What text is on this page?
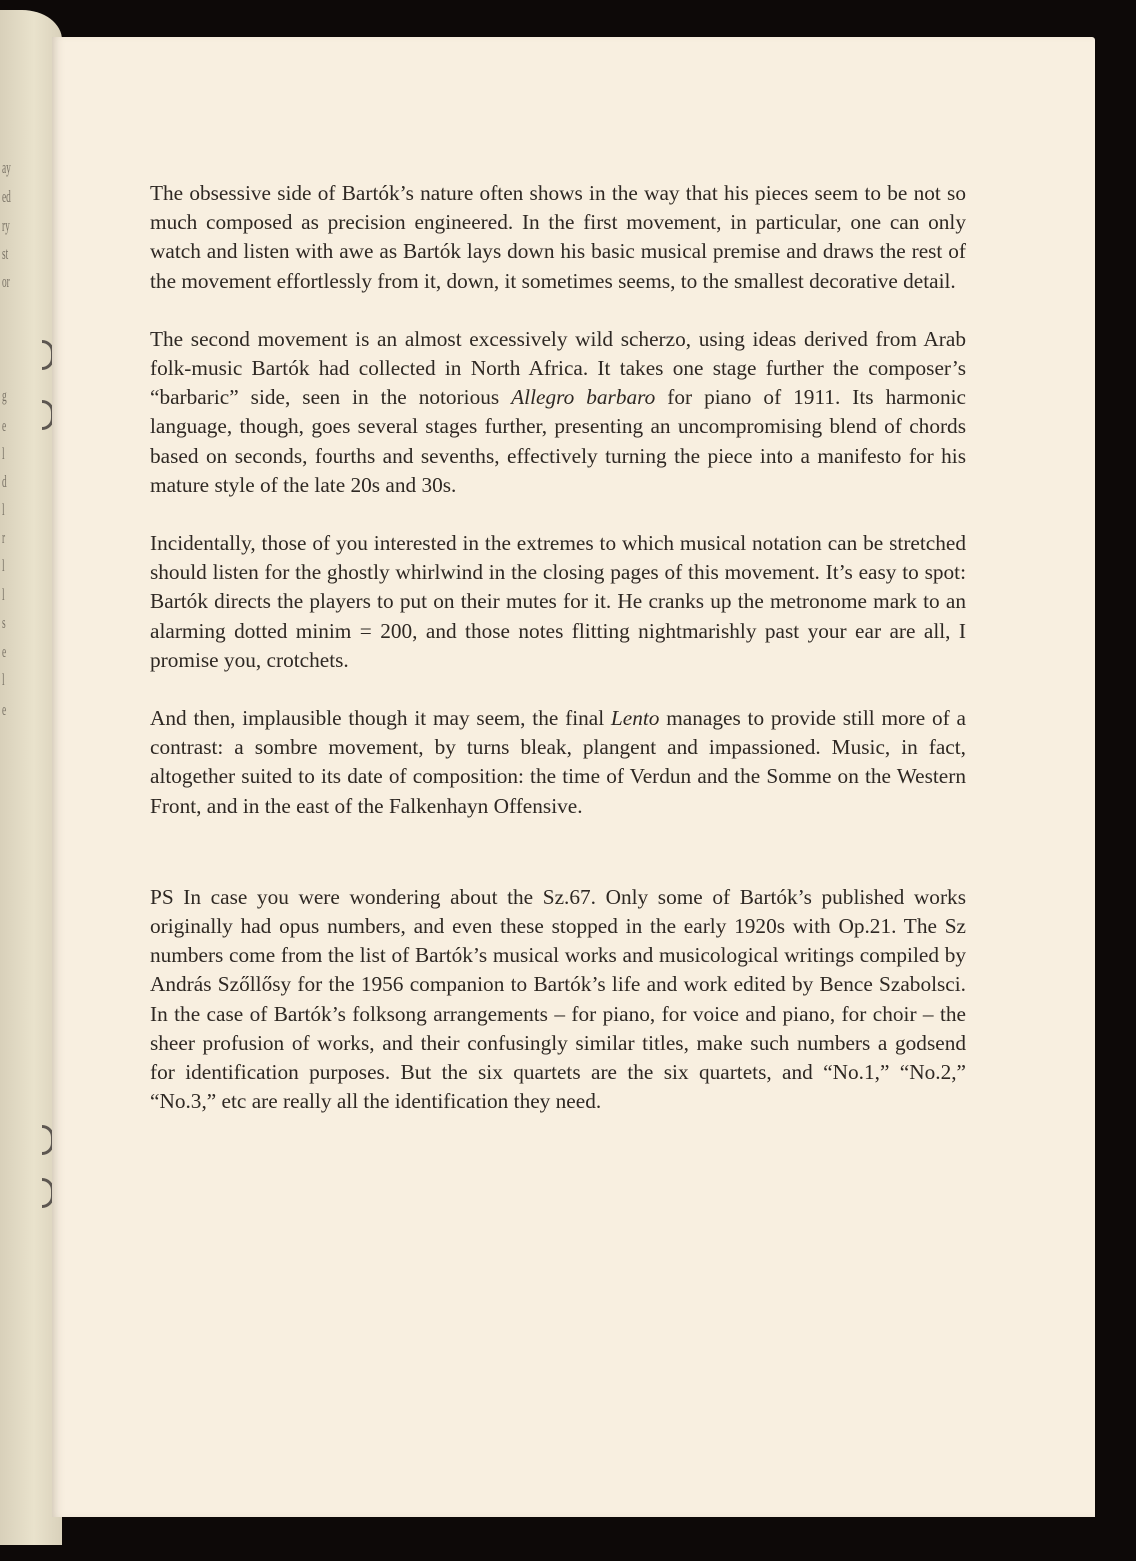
ay
ed
ry
st
or
g
e
l
d
l
r
l
l
s
e
l
e

The obsessive side of Bartók’s nature often shows in the way that his pieces seem to be not so much composed as precision engineered. In the first movement, in particular, one can only watch and listen with awe as Bartók lays down his basic musical premise and draws the rest of the movement effortlessly from it, down, it sometimes seems, to the smallest decorative detail.

The second movement is an almost excessively wild scherzo, using ideas derived from Arab folk-music Bartók had collected in North Africa. It takes one stage further the composer’s “barbaric” side, seen in the notorious Allegro barbaro for piano of 1911. Its harmonic language, though, goes several stages further, presenting an uncompromising blend of chords based on seconds, fourths and sevenths, effectively turning the piece into a manifesto for his mature style of the late 20s and 30s.

Incidentally, those of you interested in the extremes to which musical notation can be stretched should listen for the ghostly whirlwind in the closing pages of this movement. It’s easy to spot: Bartók directs the players to put on their mutes for it. He cranks up the metronome mark to an alarming dotted minim = 200, and those notes flitting nightmarishly past your ear are all, I promise you, crotchets.

And then, implausible though it may seem, the final Lento manages to provide still more of a contrast: a sombre movement, by turns bleak, plangent and impassioned. Music, in fact, altogether suited to its date of composition: the time of Verdun and the Somme on the Western Front, and in the east of the Falkenhayn Offensive.

PS In case you were wondering about the Sz.67. Only some of Bartók’s published works originally had opus numbers, and even these stopped in the early 1920s with Op.21. The Sz numbers come from the list of Bartók’s musical works and musicological writings compiled by András Szőllősy for the 1956 companion to Bartók’s life and work edited by Bence Szabolsci. In the case of Bartók’s folksong arrangements – for piano, for voice and piano, for choir – the sheer profusion of works, and their confusingly similar titles, make such numbers a godsend for identification purposes. But the six quartets are the six quartets, and “No.1,” “No.2,” “No.3,” etc are really all the identification they need.
